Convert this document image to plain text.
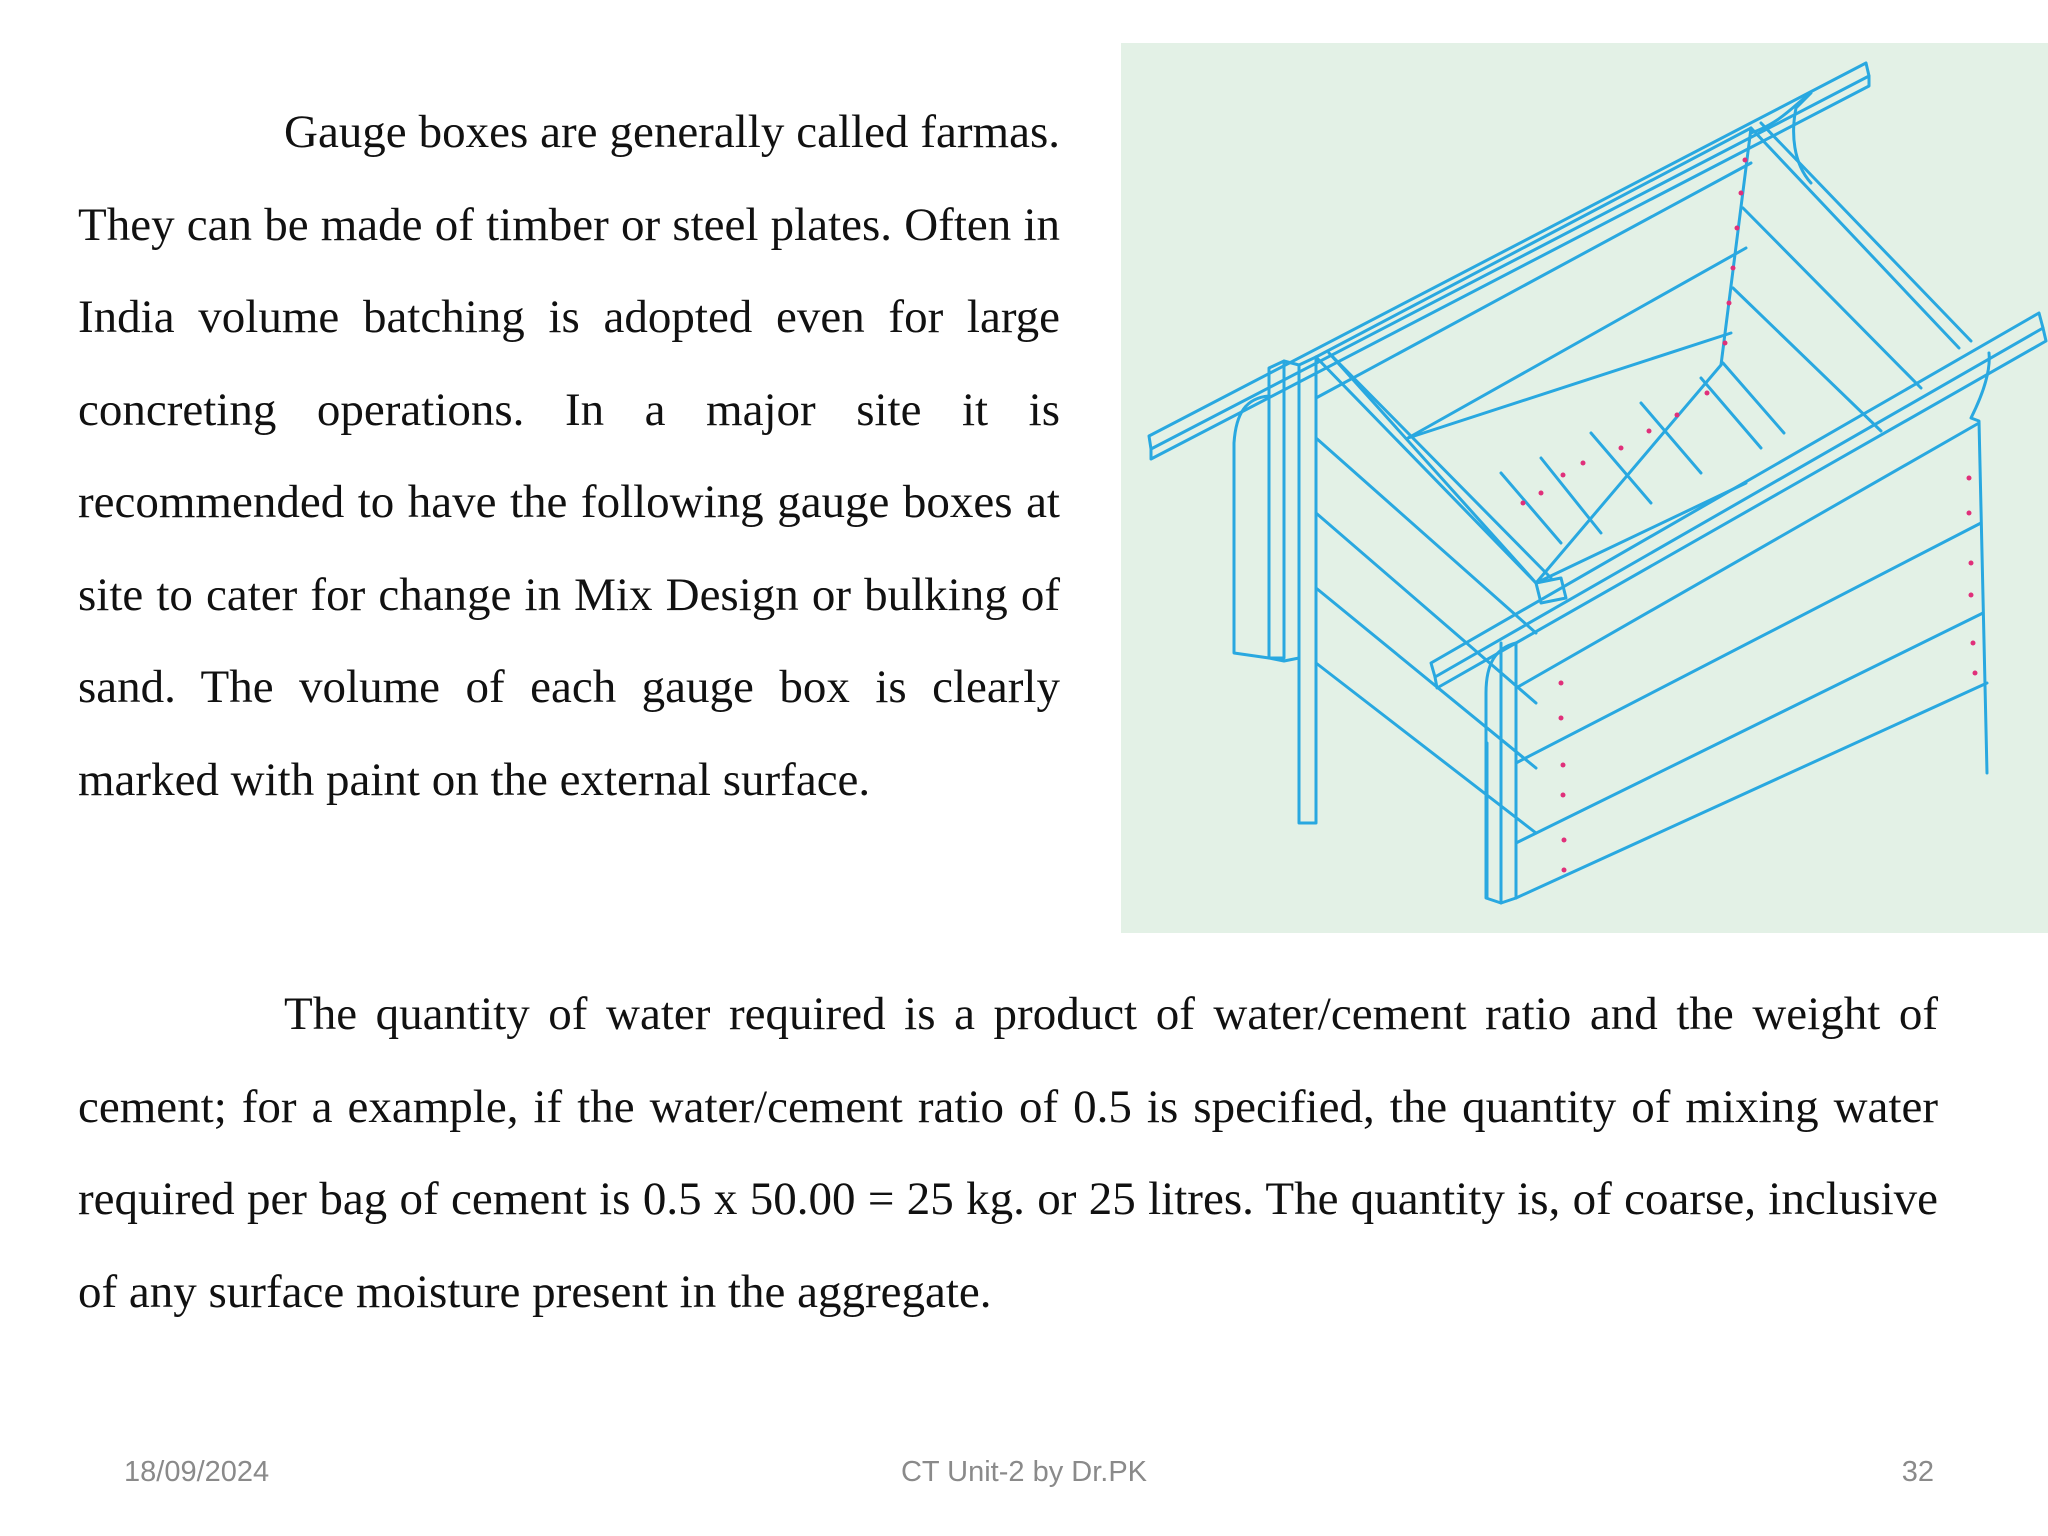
Gauge boxes are generally called farmas. They can be made of timber or steel plates. Often in India volume batching is adopted even for large concreting operations. In a major site it is recommended to have the following gauge boxes at site to cater for change in Mix Design or bulking of sand. The volume of each gauge box is clearly marked with paint on the external surface.

The quantity of water required is a product of water/cement ratio and the weight of cement; for a example, if the water/cement ratio of 0.5 is specified, the quantity of mixing water required per bag of cement is 0.5 x 50.00 = 25 kg. or 25 litres. The quantity is, of coarse, inclusive of any surface moisture present in the aggregate.

18/09/2024	CT Unit-2 by Dr.PK	32
